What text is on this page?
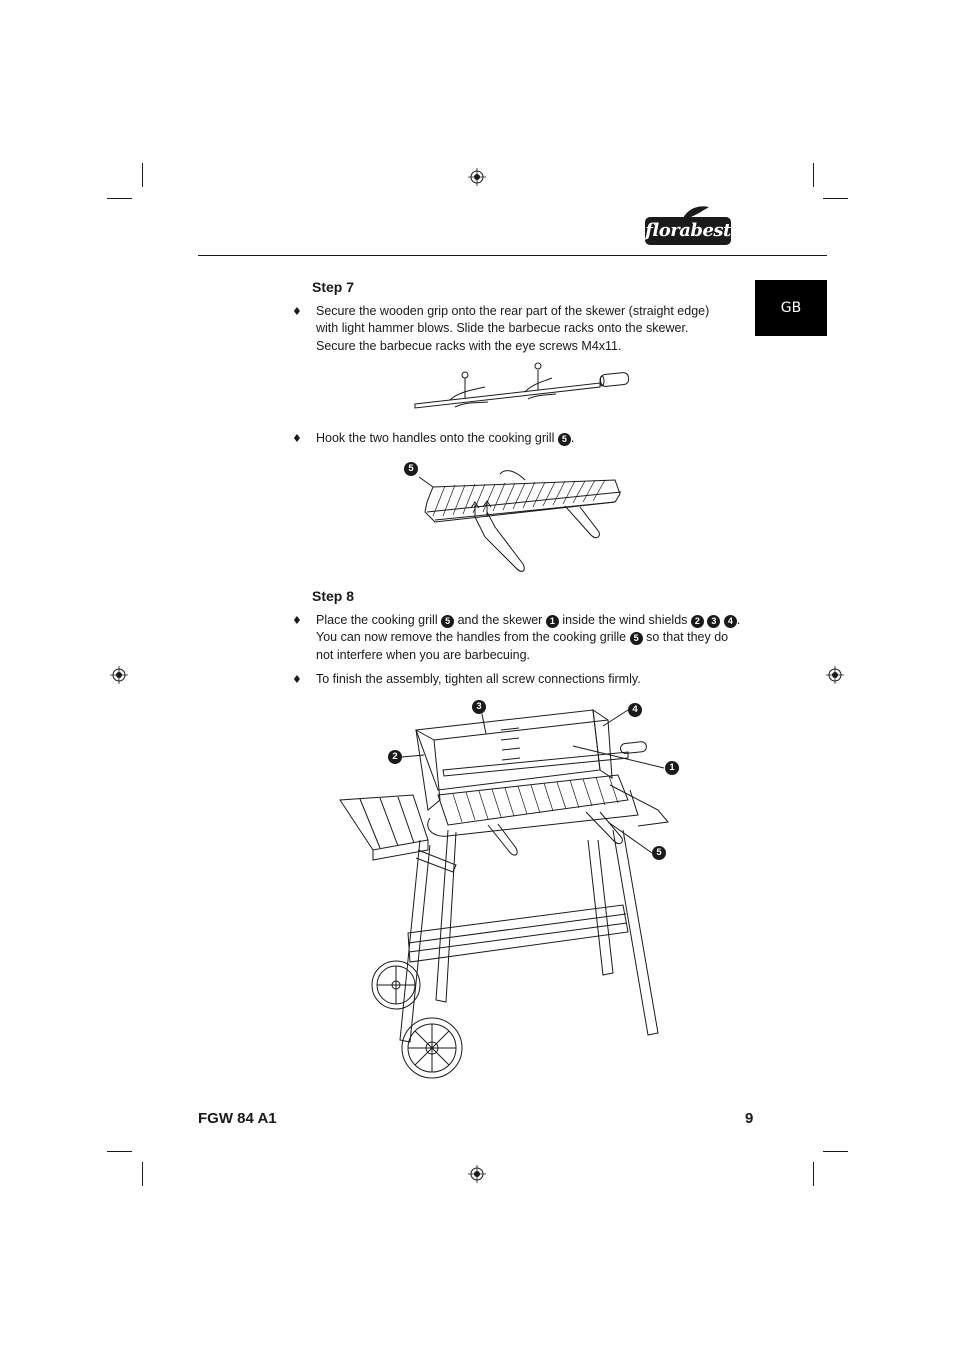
florabest
GB
Step 7
♦ Secure the wooden grip onto the rear part of the skewer (straight edge) with light hammer blows. Slide the barbecue racks onto the skewer. Secure the barbecue racks with the eye screws M4x11.
♦ Hook the two handles onto the cooking grill 5 .
5
Step 8
♦ Place the cooking grill 5 and the skewer 1 inside the wind shields 2 3 4 . You can now remove the handles from the cooking grille 5 so that they do not interfere when you are barbecuing.
♦ To finish the assembly, tighten all screw connections firmly.
3	4
2
1
5
FGW 84 A1	9
